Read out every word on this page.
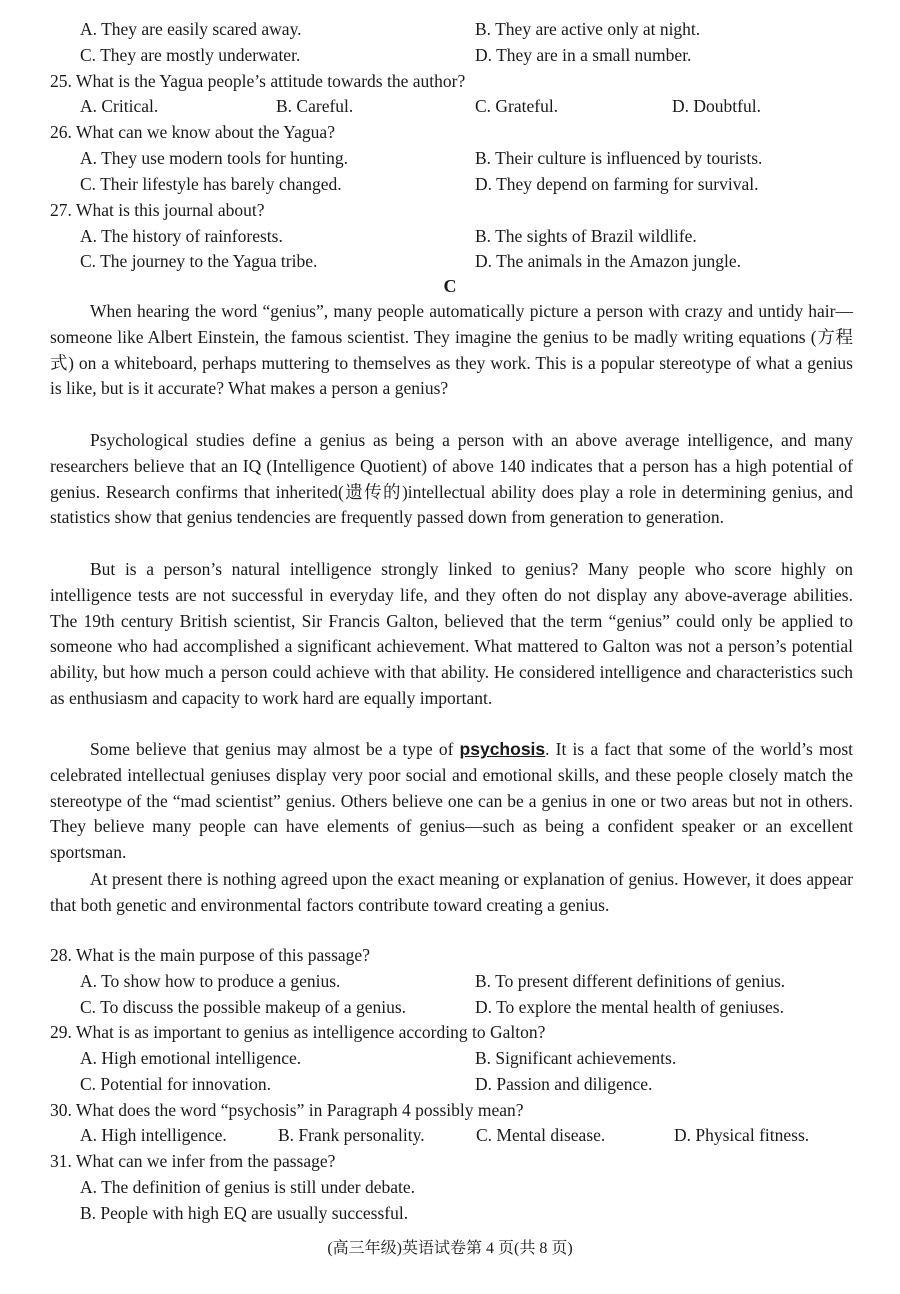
A. They are easily scared away.	B. They are active only at night.
C. They are mostly underwater.	D. They are in a small number.
25. What is the Yagua people’s attitude towards the author?
A. Critical.	B. Careful.	C. Grateful.	D. Doubtful.
26. What can we know about the Yagua?
A. They use modern tools for hunting.	B. Their culture is influenced by tourists.
C. Their lifestyle has barely changed.	D. They depend on farming for survival.
27. What is this journal about?
A. The history of rainforests.	B. The sights of Brazil wildlife.
C. The journey to the Yagua tribe.	D. The animals in the Amazon jungle.
C

When hearing the word “genius”, many people automatically picture a person with crazy and untidy hair—someone like Albert Einstein, the famous scientist. They imagine the genius to be madly writing equations (方程式) on a whiteboard, perhaps muttering to themselves as they work. This is a popular stereotype of what a genius is like, but is it accurate? What makes a person a genius?

Psychological studies define a genius as being a person with an above average intelligence, and many researchers believe that an IQ (Intelligence Quotient) of above 140 indicates that a person has a high potential of genius. Research confirms that inherited(遗传的)intellectual ability does play a role in determining genius, and statistics show that genius tendencies are frequently passed down from generation to generation.

But is a person’s natural intelligence strongly linked to genius? Many people who score highly on intelligence tests are not successful in everyday life, and they often do not display any above-average abilities. The 19th century British scientist, Sir Francis Galton, believed that the term “genius” could only be applied to someone who had accomplished a significant achievement. What mattered to Galton was not a person’s potential ability, but how much a person could achieve with that ability. He considered intelligence and characteristics such as enthusiasm and capacity to work hard are equally important.

Some believe that genius may almost be a type of psychosis. It is a fact that some of the world’s most celebrated intellectual geniuses display very poor social and emotional skills, and these people closely match the stereotype of the “mad scientist” genius. Others believe one can be a genius in one or two areas but not in others. They believe many people can have elements of genius—such as being a confident speaker or an excellent sportsman.

At present there is nothing agreed upon the exact meaning or explanation of genius. However, it does appear that both genetic and environmental factors contribute toward creating a genius.

28. What is the main purpose of this passage?
A. To show how to produce a genius.	B. To present different definitions of genius.
C. To discuss the possible makeup of a genius.	D. To explore the mental health of geniuses.
29. What is as important to genius as intelligence according to Galton?
A. High emotional intelligence.	B. Significant achievements.
C. Potential for innovation.	D. Passion and diligence.
30. What does the word “psychosis” in Paragraph 4 possibly mean?
A. High intelligence.	B. Frank personality.	C. Mental disease.	D. Physical fitness.
31. What can we infer from the passage?
A. The definition of genius is still under debate.
B. People with high EQ are usually successful.
(高三年级)英语试卷第 4 页(共 8 页)
